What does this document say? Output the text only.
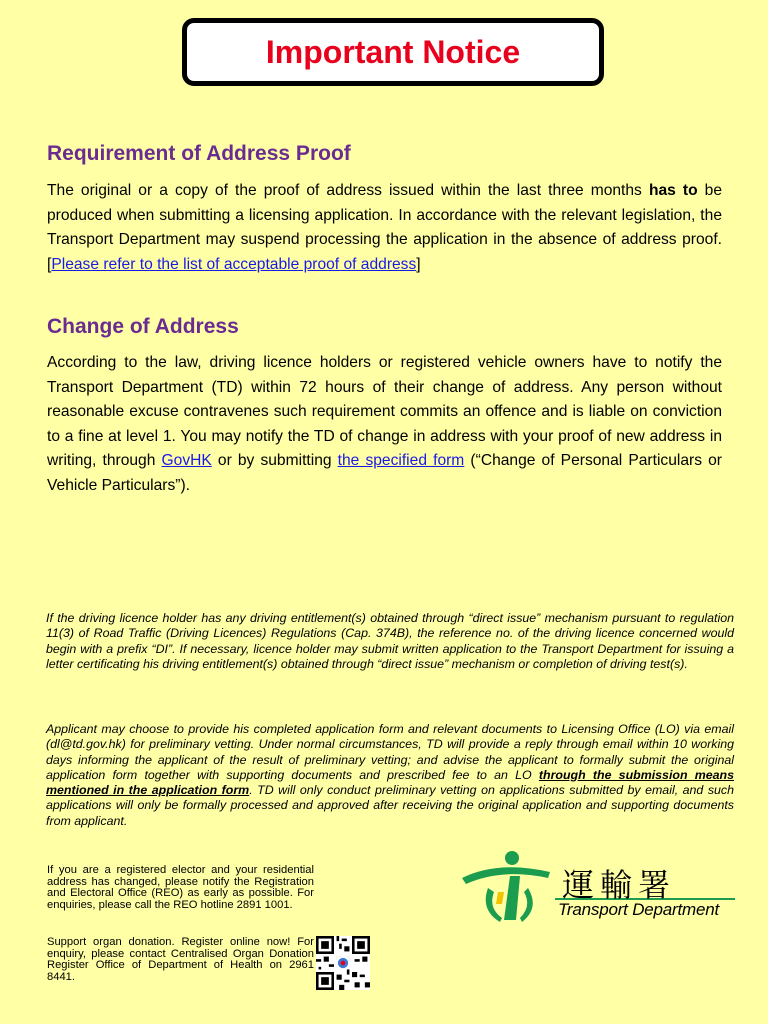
Important Notice
Requirement of Address Proof

The original or a copy of the proof of address issued within the last three months has to be produced when submitting a licensing application. In accordance with the relevant legislation, the Transport Department may suspend processing the application in the absence of address proof. [Please refer to the list of acceptable proof of address]

Change of Address

According to the law, driving licence holders or registered vehicle owners have to notify the Transport Department (TD) within 72 hours of their change of address. Any person without reasonable excuse contravenes such requirement commits an offence and is liable on conviction to a fine at level 1. You may notify the TD of change in address with your proof of new address in writing, through GovHK or by submitting the specified form (“Change of Personal Particulars or Vehicle Particulars”).

If the driving licence holder has any driving entitlement(s) obtained through “direct issue” mechanism pursuant to regulation 11(3) of Road Traffic (Driving Licences) Regulations (Cap. 374B), the reference no. of the driving licence concerned would begin with a prefix “DI”. If necessary, licence holder may submit written application to the Transport Department for issuing a letter certificating his driving entitlement(s) obtained through “direct issue” mechanism or completion of driving test(s).

Applicant may choose to provide his completed application form and relevant documents to Licensing Office (LO) via email (dl@td.gov.hk) for preliminary vetting. Under normal circumstances, TD will provide a reply through email within 10 working days informing the applicant of the result of preliminary vetting; and advise the applicant to formally submit the original application form together with supporting documents and prescribed fee to an LO through the submission means mentioned in the application form. TD will only conduct preliminary vetting on applications submitted by email, and such applications will only be formally processed and approved after receiving the original application and supporting documents from applicant.

If you are a registered elector and your residential address has changed, please notify the Registration and Electoral Office (REO) as early as possible. For enquiries, please call the REO hotline 2891 1001.

Support organ donation. Register online now! For enquiry, please contact Centralised Organ Donation Register Office of Department of Health on 2961 8441.

運輸署
Transport Department
